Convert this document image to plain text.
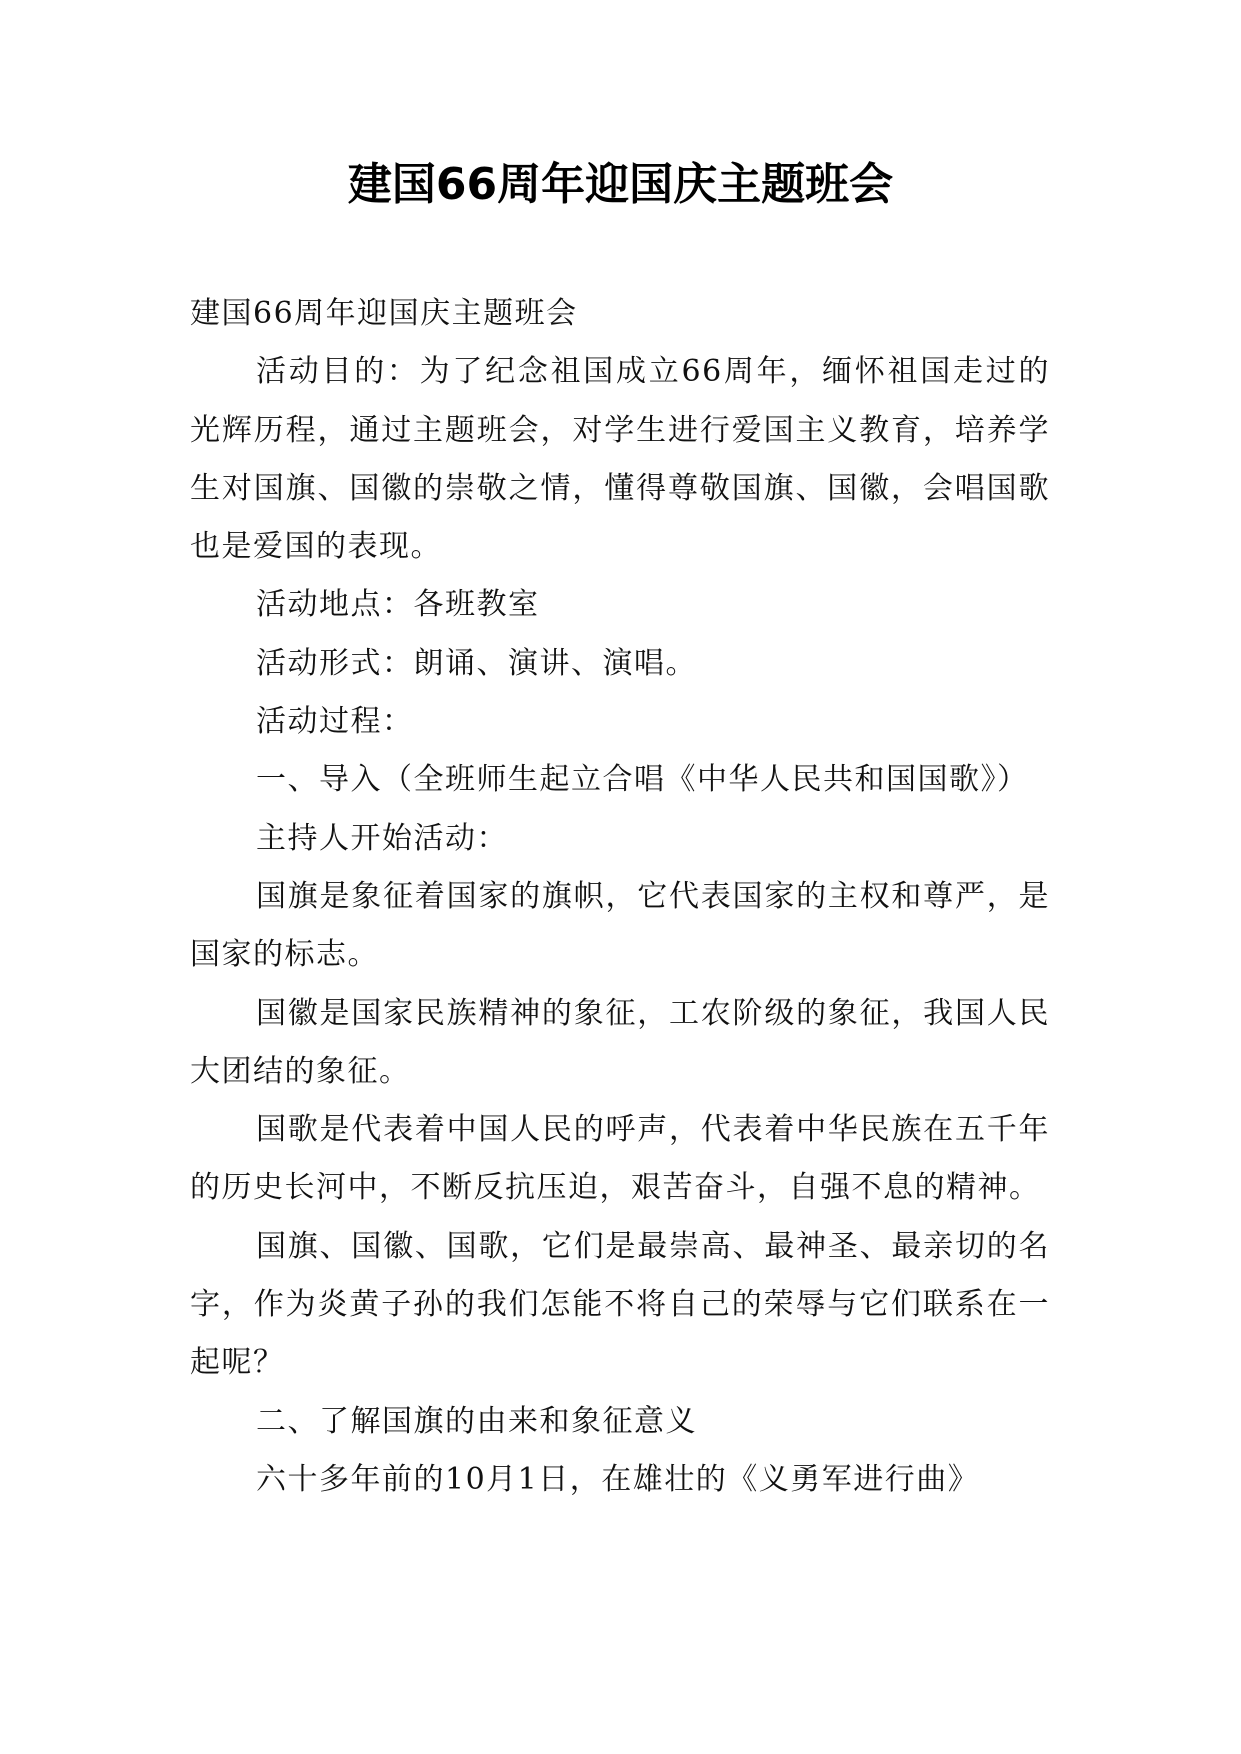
建国66周年迎国庆主题班会

建国66周年迎国庆主题班会

活动目的：为了纪念祖国成立66周年，缅怀祖国走过的光辉历程，通过主题班会，对学生进行爱国主义教育，培养学生对国旗、国徽的崇敬之情，懂得尊敬国旗、国徽，会唱国歌也是爱国的表现。

活动地点：各班教室

活动形式：朗诵、演讲、演唱。

活动过程：

一、导入（全班师生起立合唱《中华人民共和国国歌》）

主持人开始活动：

国旗是象征着国家的旗帜，它代表国家的主权和尊严，是国家的标志。

国徽是国家民族精神的象征，工农阶级的象征，我国人民大团结的象征。

国歌是代表着中国人民的呼声，代表着中华民族在五千年的历史长河中，不断反抗压迫，艰苦奋斗，自强不息的精神。

国旗、国徽、国歌，它们是最崇高、最神圣、最亲切的名字，作为炎黄子孙的我们怎能不将自己的荣辱与它们联系在一起呢？

二、了解国旗的由来和象征意义

六十多年前的10月1日，在雄壮的《义勇军进行曲》
